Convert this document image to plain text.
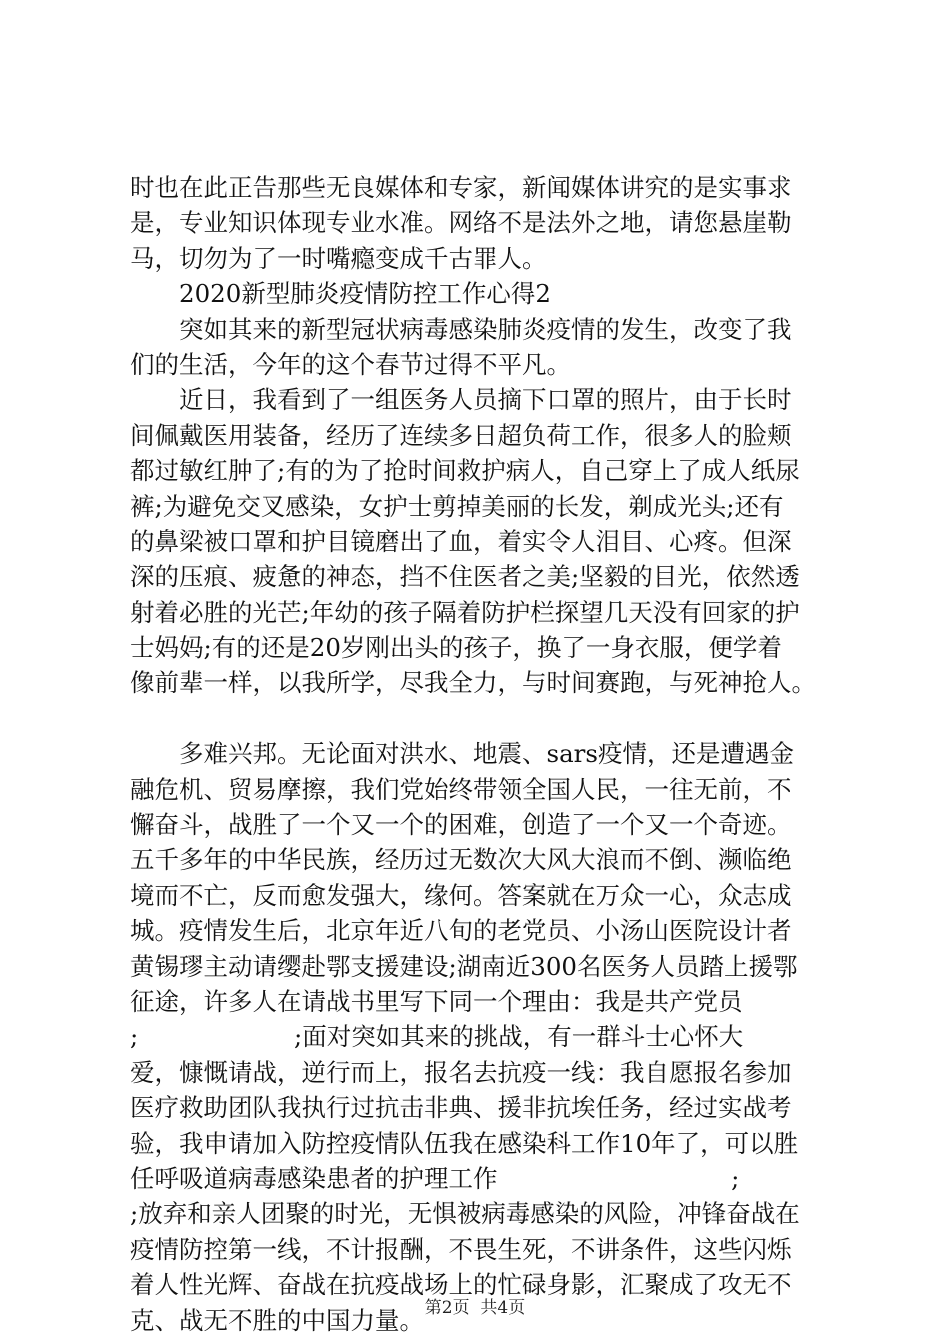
时也在此正告那些无良媒体和专家，新闻媒体讲究的是实事求
是，专业知识体现专业水准。网络不是法外之地，请您悬崖勒
马，切勿为了一时嘴瘾变成千古罪人。
2020新型肺炎疫情防控工作心得2
突如其来的新型冠状病毒感染肺炎疫情的发生，改变了我
们的生活，今年的这个春节过得不平凡。
近日，我看到了一组医务人员摘下口罩的照片，由于长时
间佩戴医用装备，经历了连续多日超负荷工作，很多人的脸颊
都过敏红肿了;有的为了抢时间救护病人，自己穿上了成人纸尿
裤;为避免交叉感染，女护士剪掉美丽的长发，剃成光头;还有
的鼻梁被口罩和护目镜磨出了血，着实令人泪目、心疼。但深
深的压痕、疲惫的神态，挡不住医者之美;坚毅的目光，依然透
射着必胜的光芒;年幼的孩子隔着防护栏探望几天没有回家的护
士妈妈;有的还是20岁刚出头的孩子，换了一身衣服，便学着
像前辈一样，以我所学，尽我全力，与时间赛跑，与死神抢人。
多难兴邦。无论面对洪水、地震、sars疫情，还是遭遇金
融危机、贸易摩擦，我们党始终带领全国人民，一往无前，不
懈奋斗，战胜了一个又一个的困难，创造了一个又一个奇迹。
五千多年的中华民族，经历过无数次大风大浪而不倒、濒临绝
境而不亡，反而愈发强大，缘何。答案就在万众一心，众志成
城。疫情发生后，北京年近八旬的老党员、小汤山医院设计者
黄锡璆主动请缨赴鄂支援建设;湖南近300名医务人员踏上援鄂
征途，许多人在请战书里写下同一个理由：我是共产党员
;                    ;面对突如其来的挑战，有一群斗士心怀大
爱，慷慨请战，逆行而上，报名去抗疫一线：我自愿报名参加
医疗救助团队我执行过抗击非典、援非抗埃任务，经过实战考
验，我申请加入防控疫情队伍我在感染科工作10年了，可以胜
任呼吸道病毒感染患者的护理工作                              ;
;放弃和亲人团聚的时光，无惧被病毒感染的风险，冲锋奋战在
疫情防控第一线，不计报酬，不畏生死，不讲条件，这些闪烁
着人性光辉、奋战在抗疫战场上的忙碌身影，汇聚成了攻无不
克、战无不胜的中国力量。 第2页  共4页
